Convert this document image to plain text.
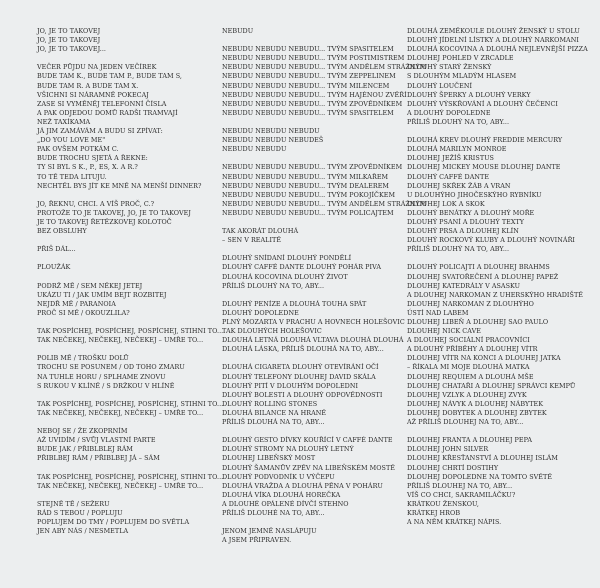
JO, JE TO TAKOVEJ
JO, JE TO TAKOVEJ
JO, JE TO TAKOVEJ...
VEČER PŮJDU NA JEDEN VEČÍREK
BUDE TAM K., BUDE TAM P., BUDE TAM S,
BUDE TAM R. A BUDE TAM X.
VŠICHNI SI NÁRAMNĚ POKECAJ
ZASE SI VYMĚNĚJ TELEFONNÍ ČÍSLA
A PAK ODJEDOU DOMŮ RADŠI TRAMVAJÍ
NEŽ TAXÍKAMA
JÁ JIM ZAMÁVÁM A BUDU SI ZPÍVAT:
„DO YOU LOVE ME"
PAK OVŠEM POTKÁM C.
BUDE TROCHU SJETÁ A ŘEKNE:
TY SI BYL S K., P., ES, X. A R.?
TO TĚ TEDA LITUJU.
NECHTĚL BYS JÍT KE MNĚ NA MENŠÍ DINNER?
JO, ŘEKNU, CHCI. A VÍŠ PROČ, C.?
PROTOŽE TO JE TAKOVEJ, JO, JE TO TAKOVEJ
JE TO TAKOVEJ ŘETĚZKOVEJ KOLOTOČ
BEZ OBSLUHY
PŘIŠ DÁL...
PLOUŽÁK
PODRŽ MĚ / SEM NĚKEJ JETEJ
UKÁZU TI / JAK UMÍM BEJT ROZBITEJ
NEJDŘ MĚ / PARANOIA
PROČ SI MĚ / OKOUZLILA?
TAK POSPÍCHEJ, POSPÍCHEJ, POSPÍCHEJ, STIHNI TO...
TAK NEČEKEJ, NEČEKEJ, NEČEKEJ – UMŘE TO...
POLIB MĚ / TROŠKU DOLŮ
TROCHU SE POSUNEM / OD TOHO ZMARU
NA TUHLE HORU / SPLHAME ZNOVU
S RUKOU V KLÍNĚ / S DRŽKOU V HLÍNĚ
TAK POSPÍCHEJ, POSPÍCHEJ, POSPÍCHEJ, STIHNI TO...
TAK NEČEKEJ, NEČEKEJ, NEČEKEJ – UMŘE TO...
NEBOJ SE / ŽE ZKOPRNÍM
AŽ UVIDÍM / SVŮJ VLASTNÍ PARTE
BUDE JAK / PŘIBLBLEJ RÁM
PŘIBLBEJ RÁM / PŘIBLBEJ JÁ – SÁM
TAK POSPÍCHEJ, POSPÍCHEJ, POSPÍCHEJ, STIHNI TO...
TAK NEČEKEJ, NEČEKEJ, NEČEKEJ – UMŘE TO...
STEJNĚ TĚ / SEŽERU
RÁD S TEBOU / POPLUJU
POPLUJEM DO TMY / POPLUJEM DO SVĚTLA
JEN ABY NÁS / NESMETLA
NEBUDU
NEBUDU NEBUDU NEBUDU... TVÝM SPASITELEM
NEBUDU NEBUDU NEBUDU... TVÝM POSTIMISTREM
NEBUDU NEBUDU NEBUDU... TVÝM ANDĚLEM STRÁŽNÝM
NEBUDU NEBUDU NEBUDU... TVÝM ZEPPELINEM
NEBUDU NEBUDU NEBUDU... TVÝM MILENCEM
NEBUDU NEBUDU NEBUDU... TVÝM HAJÉNOU ZVĚŘÍ
NEBUDU NEBUDU NEBUDU... TVÝM ZPOVĚDNÍKEM
NEBUDU NEBUDU NEBUDU... TVÝM SPASITELEM
NEBUDU NEBUDU NEBUDU
NEBUDU NEBUDU NEBUDEŠ
NEBUDU NEBUDU
NEBUDU NEBUDU NEBUDU... TVÝM ZPOVĚDNÍKEM
NEBUDU NEBUDU NEBUDU... TVÝM MILKAŘEM
NEBUDU NEBUDU NEBUDU... TVÝM DEALEREM
NEBUDU NEBUDU NEBUDU... TVÝM POKOJÍČKEM
NEBUDU NEBUDU NEBUDU... TVÝM ANDĚLEM STRÁŽNÝM
NEBUDU NEBUDU NEBUDU... TVÝM POLICAJTEM
TAK AKORÁT DLOUHÁ
– SEN V REALITĚ
DLOUHÝ SNÍDANÍ DLOUHÝ PONDĚLÍ
DLOUHÝ CAFFÉ DANTE DLOUHÝ POHÁR PIVA
DLOUHÁ KOCOVINA DLOUHÝ ŽIVOT
PŘÍLIŠ DLOUHÝ NA TO, ABY...
DLOUHÝ PENÍZE A DLOUHÁ TOUHA SPÁT
DLOUHÝ DOPOLEDNE
PLNÝ MOZARTA V PRACHU A HOVNECH HOLEŠOVIC
TAK DLOUHÝCH HOLEŠOVIC
DLOUHÁ LETNÁ DLOUHÁ VLTAVA DLOUHÁ DLOUHÁ
DLOUHÁ LÁSKA, PŘÍLIŠ DLOUHÁ NA TO, ABY...
DLOUHÁ CIGARETA DLOUHÝ OTEVÍRÁNÍ OČÍ
DLOUHÝ TELEFONY DLOUHEJ DAVID SKÁLA
DLOUHÝ PITÍ V DLOUHÝM DOPOLEDNI
DLOUHÝ BOLESTI A DLOUHÝ ODPOVĚDNOSTI
DLOUHÝ ROLLING STONES
DLOUHÁ BILANCE NA HRANĚ
PŘÍLIŠ DLOUHÁ NA TO, ABY...
DLOUHÝ GESTO DÍVKY KOUŘÍCÍ V CAFFÉ DANTE
DLOUHÝ STROMY NA DLOUHÝ LETNÝ
DLOUHEJ LIBEŇSKÝ MOST
DLOUHÝ ŠAMANŮV ZPĚV NA LIBEŇSKÉM MOSTĚ
DLOUHÝ PODVODNÍK U VÝČEPU
DLOUHÁ VRAŽDA A DLOUHÁ PĚNA V POHÁRU
DLOUHÁ VÍKA DLOUHÁ HOREČKA
A DLOUHÉ OPÁLENÉ DÍVČÍ STEHNO
PŘÍLIŠ DLOUHÉ NA TO, ABY...
JENOM JEMNĚ NASLÁPUJU
A JSEM PŘIPRAVEN.
DLOUHÁ ZEMĚKOULE DLOUHÝ ŽENSKÝ U STOLU
DLOUHÝ JÍDELNÍ LÍSTKY A DLOUHÝ NARKOMANI
DLOUHÁ KOCOVINA A DLOUHÁ NEJLEVNĚJŠÍ PIZZA
DLOUHEJ POHLED V ZRCADLE
DLOUHÝ STARÝ ŽENSKÝ
S DLOUHÝM MLADÝM HLASEM
DLOUHÝ LOUČENÍ
DLOUHÝ ŠPERKY A DLOUHÝ VERKY
DLOUHÝ VÝSKŘOVÁNÍ A DLOUHÝ ČEČENCI
A DLOUHÝ DOPOLEDNE
PŘÍLIŠ DLOUHÝ NA TO, ABY...
DLOUHÁ KREV DLOUHÝ FREDDIE MERCURY
DLOUHÁ MARILYN MONROE
DLOUHEJ JEŽÍŠ KRISTUS
DLOUHEJ MICKEY MOUSE DLOUHEJ DANTE
DLOUHÝ CAFFÉ DANTE
DLOUHEJ SKŘEK ŽÁB A VRAN
U DLOUHÝHO JIHOČESKÝHO RYBNÍKU
DLOUHEJ LOK A SKOK
DLOUHÝ BENÁTKY A DLOUHÝ MOŘE
DLOUHÝ PSANÍ A DLOUHÝ TEXTY
DLOUHÝ PRSA A DLOUHEJ KLÍN
DLOUHÝ ROCKOVÝ KLUBY A DLOUHÝ NOVINÁŘI
PŘÍLIŠ DLOUHÝ NA TO, ABY...
DLOUHÝ POLICAJTI A DLOUHEJ BRAHMS
DLOUHEJ SVATOŘEČENÍ A DLOUHEJ PAPEŽ
DLOUHEJ KATEDRÁLY V ASASKU
A DLOUHEJ NARKOMAN Z UHERSKÝHO HRADIŠTĚ
DLOUHEJ NARKOMAN Z DLOUHÝHO
ÚSTÍ NAD LABEM
DLOUHEJ LIBEŇ A DLOUHEJ SAO PAULO
DLOUHEJ NICK CAVE
A DLOUHEJ SOCIÁLNÍ PRACOVNÍCI
A DLOUHÝ PŘÍBĚHY A DLOUHEJ VÍTR
DLOUHEJ VÍTR NA KONCI A DLOUHEJ JATKA
– ŘÍKALA MI MOJE DLOUHÁ MATKA
DLOUHEJ REQUIEM A DLOUHÁ MŠE
DLOUHEJ CHATAŘI A DLOUHEJ SPRÁVCI KEMPŮ
DLOUHEJ VZLYK A DLOUHEJ ZVYK
DLOUHEJ NÁVYK A DLOUHEJ NÁBYTEK
DLOUHEJ DOBYTEK A DLOUHEJ ZBYTEK
AŽ PŘÍLIŠ DLOUHEJ NA TO, ABY...
DLOUHEJ FRANTA A DLOUHEJ PEPA
DLOUHEJ JOHN SILVER
DLOUHEJ KŘESŤANSTVÍ A DLOUHEJ ISLÁM
DLOUHEJ CHRTÍ DOSTIHY
DLOUHEJ DOPOLEDNE NA TOMTO SVĚTĚ
PŘÍLIŠ DLOUHEJ NA TO, ABY...
VÍŠ CO CHCI, SAKRAMILÁČKU?
KRÁTKOU ŽENSKOU,
KRÁTKEJ HROB
A NA NĚM KRÁTKEJ NÁPIS.
